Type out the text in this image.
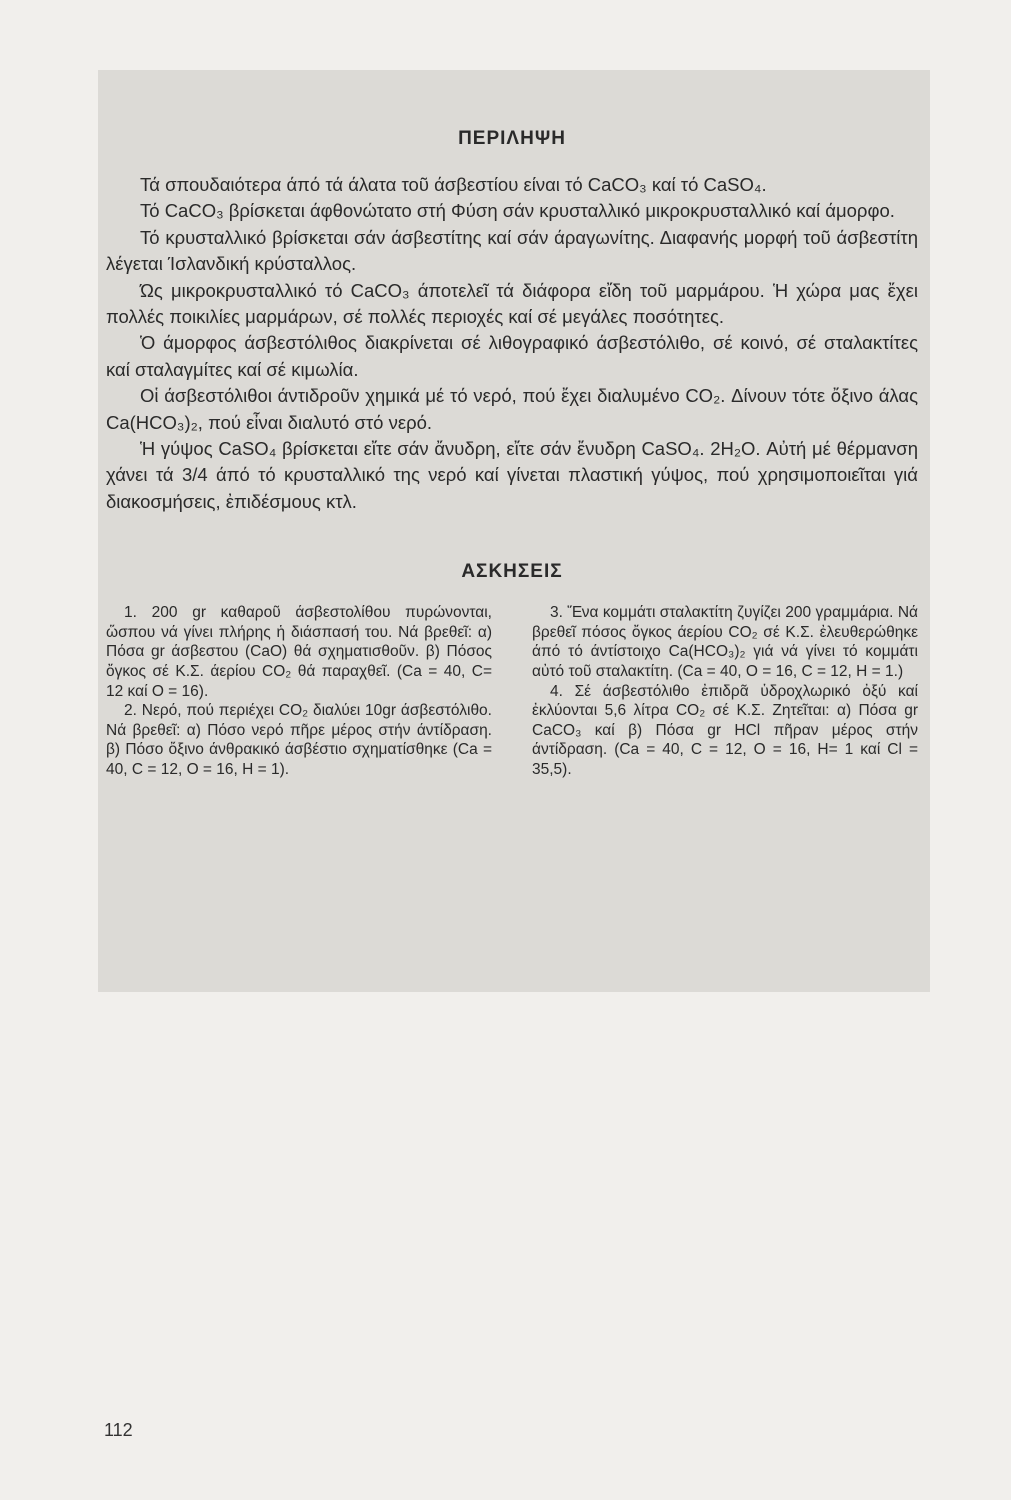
ΠΕΡΙΛΗΨΗ

Τά σπουδαιότερα άπό τά άλατα τοῦ άσβεστίου είναι τό CaCO₃ καί τό CaSO₄.

Τό CaCO₃ βρίσκεται άφθονώτατο στή Φύση σάν κρυσταλλικό μικροκρυσταλλικό καί άμορφο.

Τό κρυσταλλικό βρίσκεται σάν άσβεστίτης καί σάν άραγωνίτης. Διαφανής μορφή τοῦ άσβεστίτη λέγεται Ίσλανδική κρύσταλλος.

Ώς μικροκρυσταλλικό τό CaCO₃ άποτελεῖ τά διάφορα εἴδη τοῦ μαρμάρου. Ἡ χώρα μας ἔχει πολλές ποικιλίες μαρμάρων, σέ πολλές περιοχές καί σέ μεγάλες ποσότητες.

Ὁ άμορφος άσβεστόλιθος διακρίνεται σέ λιθογραφικό άσβεστόλιθο, σέ κοινό, σέ σταλακτίτες καί σταλαγμίτες καί σέ κιμωλία.

Οἱ άσβεστόλιθοι άντιδροῦν χημικά μέ τό νερό, πού ἔχει διαλυμένο CO₂. Δίνουν τότε ὄξινο άλας Ca(HCO₃)₂, πού εἶναι διαλυτό στό νερό.

Ἡ γύψος CaSO₄ βρίσκεται εἴτε σάν ἄνυδρη, εἴτε σάν ἔνυδρη CaSO₄. 2H₂O. Αὐτή μέ θέρμανση χάνει τά 3/4 άπό τό κρυσταλλικό της νερό καί γίνεται πλαστική γύψος, πού χρησιμοποιεῖται γιά διακοσμήσεις, ἐπιδέσμους κτλ.

ΑΣΚΗΣΕΙΣ

1. 200 gr καθαροῦ άσβεστολίθου πυρώνονται, ὥσπου νά γίνει πλήρης ἡ διάσπασή του. Νά βρεθεῖ: α) Πόσα gr άσβεστου (CaO) θά σχηματισθοῦν. β) Πόσος ὄγκος σέ Κ.Σ. άερίου CO₂ θά παραχθεῖ. (Ca = 40, C= 12 καί O = 16).

2. Νερό, πού περιέχει CO₂ διαλύει 10gr άσβεστόλιθο. Νά βρεθεῖ: α) Πόσο νερό πῆρε μέρος στήν άντίδραση. β) Πόσο ὄξινο άνθρακικό άσβέστιο σχηματίσθηκε (Ca = 40, C = 12, O = 16, H = 1).

3. Ἕνα κομμάτι σταλακτίτη ζυγίζει 200 γραμμάρια. Νά βρεθεῖ πόσος ὄγκος άερίου CO₂ σέ Κ.Σ. ἐλευθερώθηκε άπό τό άντίστοιχο Ca(HCO₃)₂ γιά νά γίνει τό κομμάτι αὐτό τοῦ σταλακτίτη. (Ca = 40, O = 16, C = 12, H = 1.)

4. Σέ άσβεστόλιθο ἐπιδρᾶ ὑδροχλωρικό ὀξύ καί ἐκλύονται 5,6 λίτρα CO₂ σέ Κ.Σ. Ζητεῖται: α) Πόσα gr CaCO₃ καί β) Πόσα gr HCl πῆραν μέρος στήν άντίδραση. (Ca = 40, C = 12, O = 16, H= 1 καί Cl = 35,5).

112
